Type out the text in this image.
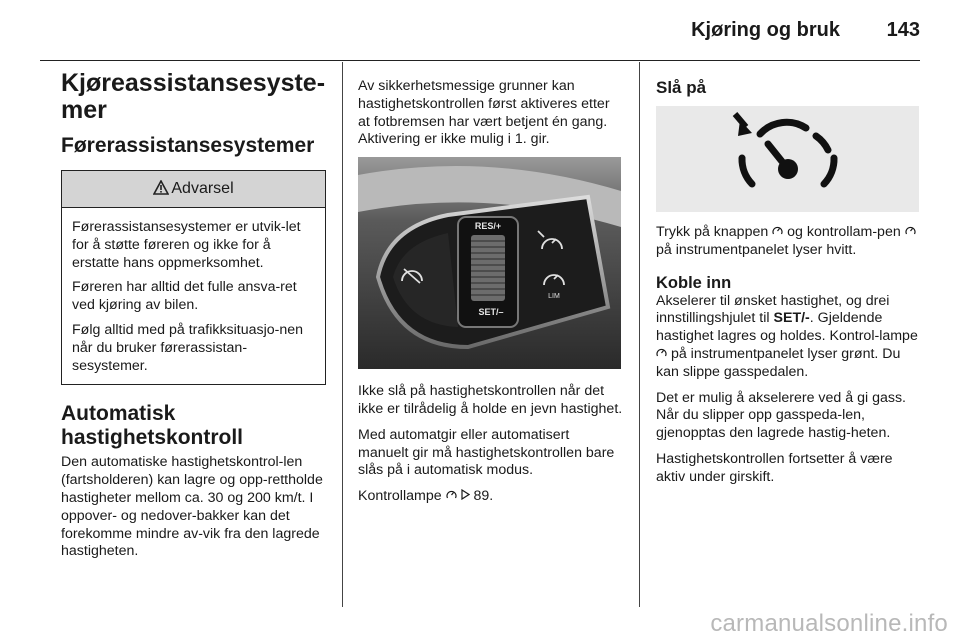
Kjøring og bruk 143
Kjøreassistansesyste-mer
Førerassistansesystemer
Advarsel

Førerassistansesystemer er utvik-let for å støtte føreren og ikke for å erstatte hans oppmerksomhet.

Føreren har alltid det fulle ansva-ret ved kjøring av bilen.

Følg alltid med på trafikksituasjo-nen når du bruker førerassistan-sesystemer.

Automatisk hastighetskontroll

Den automatiske hastighetskontrol-len (fartsholderen) kan lagre og opp-rettholde hastigheter mellom ca. 30 og 200 km/t. I oppover- og nedover-bakker kan det forekomme mindre av-vik fra den lagrede hastigheten.

Av sikkerhetsmessige grunner kan hastighetskontrollen først aktiveres etter at fotbremsen har vært betjent én gang. Aktivering er ikke mulig i 1. gir.

RES/+
SET/–
LIM

Ikke slå på hastighetskontrollen når det ikke er tilrådelig å holde en jevn hastighet.

Med automatgir eller automatisert manuelt gir må hastighetskontrollen bare slås på i automatisk modus.

Kontrollampe 89.

Slå på

Trykk på knappen og kontrollam-pen  på instrumentpanelet lyser hvitt.

Koble inn

Akselerer til ønsket hastighet, og drei innstillingshjulet til SET/-. Gjeldende hastighet lagres og holdes. Kontrol-lampe  på instrumentpanelet lyser grønt. Du kan slippe gasspedalen.

Det er mulig å akselerere ved å gi gass. Når du slipper opp gasspeda-len, gjenopptas den lagrede hastig-heten.

Hastighetskontrollen fortsetter å være aktiv under girskift.

carmanualsonline.info
